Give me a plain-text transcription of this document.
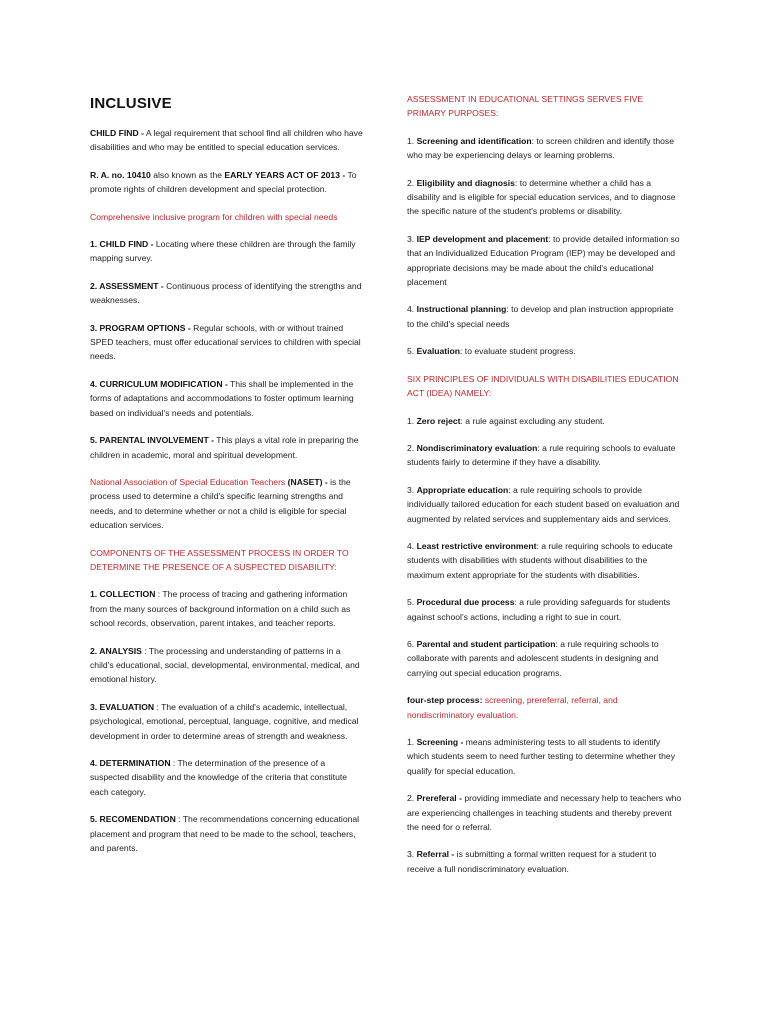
INCLUSIVE

CHILD FIND - A legal requirement that school find all children who have disabilities and who may be entitled to special education services.

R. A. no. 10410 also known as the EARLY YEARS ACT OF 2013 - To promote rights of children development and special protection.

Comprehensive inclusive program for children with special needs

1. CHILD FIND - Locating where these children are through the family mapping survey.

2. ASSESSMENT - Continuous process of identifying the strengths and weaknesses.

3. PROGRAM OPTIONS - Regular schools, with or without trained SPED teachers, must offer educational services to children with special needs.

4. CURRICULUM MODIFICATION - This shall be implemented in the forms of adaptations and accommodations to foster optimum learning based on individual's needs and potentials.

5. PARENTAL INVOLVEMENT - This plays a vital role in preparing the children in academic, moral and spiritual development.

National Association of Special Education Teachers (NASET) - is the process used to determine a child's specific learning strengths and needs, and to determine whether or not a child is eligible for special education services.

COMPONENTS OF THE ASSESSMENT PROCESS IN ORDER TO DETERMINE THE PRESENCE OF A SUSPECTED DISABILITY:

1. COLLECTION : The process of tracing and gathering information from the many sources of background information on a child such as school records, observation, parent intakes, and teacher reports.

2. ANALYSIS : The processing and understanding of patterns in a child's educational, social, developmental, environmental, medical, and emotional history.

3. EVALUATION : The evaluation of a child's academic, intellectual, psychological, emotional, perceptual, language, cognitive, and medical development in order to determine areas of strength and weakness.

4. DETERMINATION : The determination of the presence of a suspected disability and the knowledge of the criteria that constitute each category.

5. RECOMENDATION : The recommendations concerning educational placement and program that need to be made to the school, teachers, and parents.

ASSESSMENT IN EDUCATIONAL SETTINGS SERVES FIVE PRIMARY PURPOSES:

1. Screening and identification: to screen children and identify those who may be experiencing delays or learning problems.

2. Eligibility and diagnosis: to determine whether a child has a disability and is eligible for special education services, and to diagnose the specific nature of the student's problems or disability.

3. IEP development and placement: to provide detailed information so that an Individualized Education Program (IEP) may be developed and appropriate decisions may be made about the child's educational placement

4. Instructional planning: to develop and plan instruction appropriate to the child's special needs

5. Evaluation: to evaluate student progress.

SIX PRINCIPLES OF INDIVIDUALS WITH DISABILITIES EDUCATION ACT (IDEA) NAMELY:

1. Zero reject: a rule against excluding any student.

2. Nondiscriminatory evaluation: a rule requiring schools to evaluate students fairly to determine if they have a disability.

3. Appropriate education: a rule requiring schools to provide individually tailored education for each student based on evaluation and augmented by related services and supplementary aids and services.

4. Least restrictive environment: a rule requiring schools to educate students with disabilities with students without disabilities to the maximum extent appropriate for the students with disabilities.

5. Procedural due process: a rule providing safeguards for students against school's actions, including a right to sue in court.

6. Parental and student participation: a rule requiring schools to collaborate with parents and adolescent students in designing and carrying out special education programs.

four-step process: screening, prereferral, referral, and nondiscriminatory evaluation.

1. Screening - means administering tests to all students to identify which students seem to need further testing to determine whether they qualify for special education.

2. Prereferal - providing immediate and necessary help to teachers who are experiencing challenges in teaching students and thereby prevent the need for o referral.

3. Referral - is submitting a formal written request for a student to receive a full nondiscriminatory evaluation.
